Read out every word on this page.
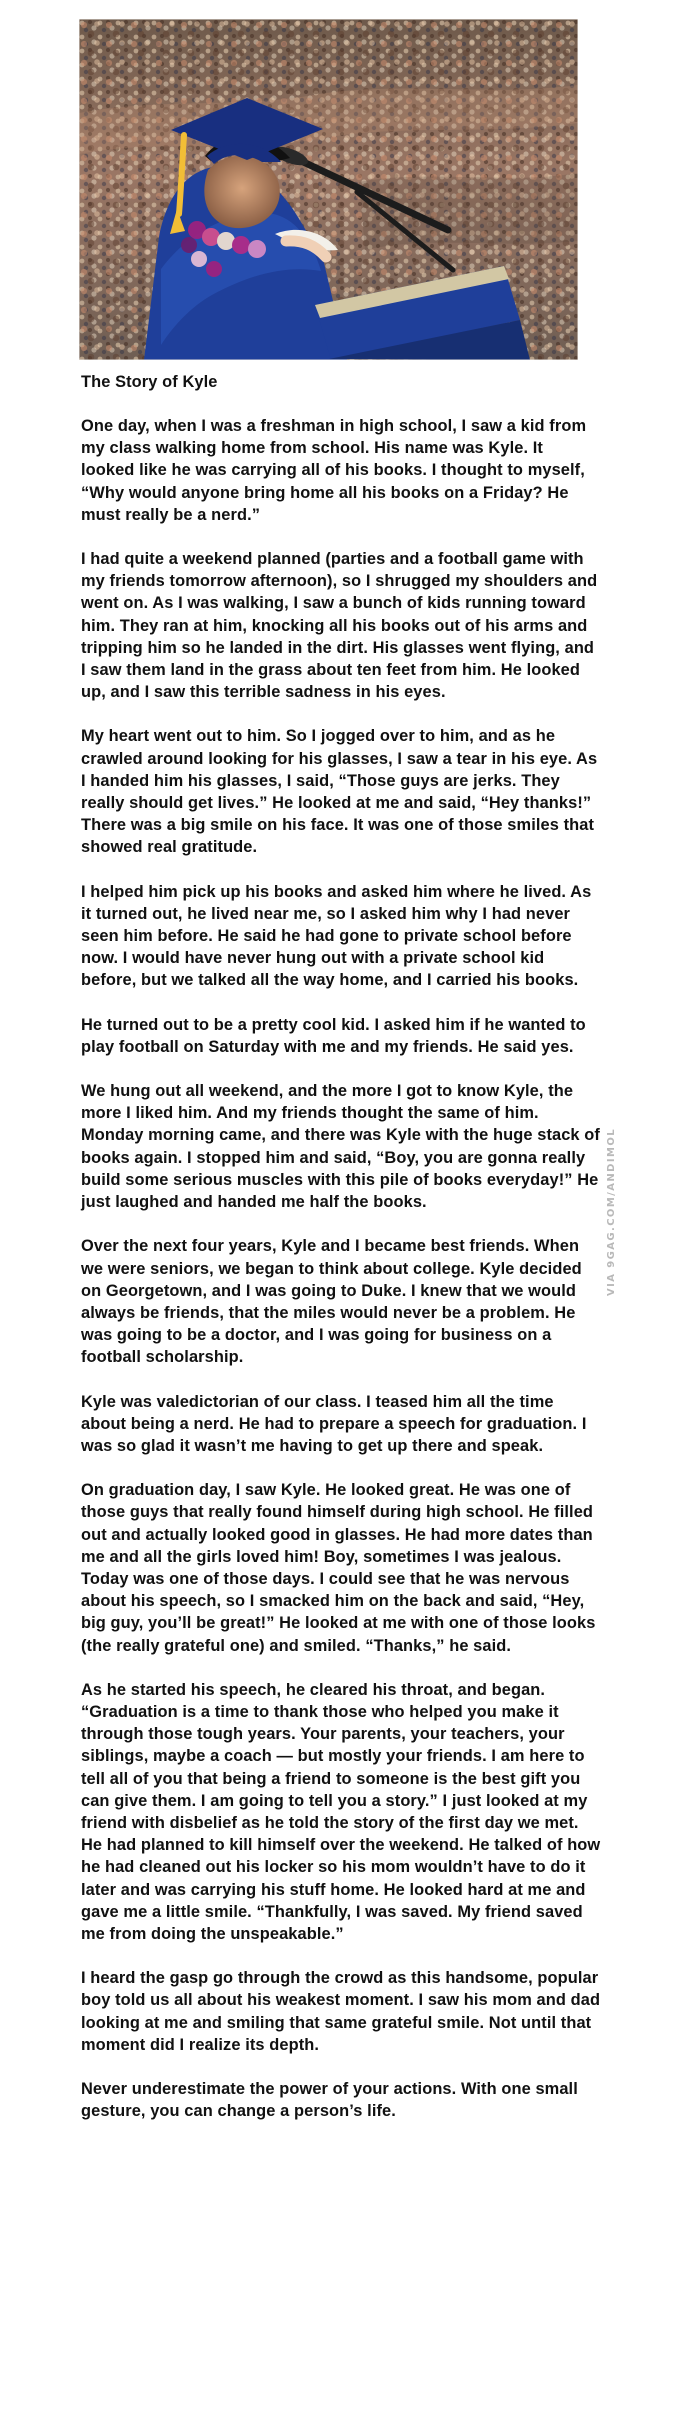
The Story of Kyle

One day, when I was a freshman in high school, I saw a kid from my class walking home from school. His name was Kyle. It looked like he was carrying all of his books. I thought to myself, “Why would anyone bring home all his books on a Friday? He must really be a nerd.”

I had quite a weekend planned (parties and a football game with my friends tomorrow afternoon), so I shrugged my shoulders and went on. As I was walking, I saw a bunch of kids running toward him. They ran at him, knocking all his books out of his arms and tripping him so he landed in the dirt. His glasses went flying, and I saw them land in the grass about ten feet from him. He looked up, and I saw this terrible sadness in his eyes.

My heart went out to him. So I jogged over to him, and as he crawled around looking for his glasses, I saw a tear in his eye. As I handed him his glasses, I said, “Those guys are jerks. They really should get lives.” He looked at me and said, “Hey thanks!” There was a big smile on his face. It was one of those smiles that showed real gratitude.

I helped him pick up his books and asked him where he lived. As it turned out, he lived near me, so I asked him why I had never seen him before. He said he had gone to private school before now. I would have never hung out with a private school kid before, but we talked all the way home, and I carried his books.

He turned out to be a pretty cool kid. I asked him if he wanted to play football on Saturday with me and my friends. He said yes.

We hung out all weekend, and the more I got to know Kyle, the more I liked him. And my friends thought the same of him. Monday morning came, and there was Kyle with the huge stack of books again. I stopped him and said, “Boy, you are gonna really build some serious muscles with this pile of books everyday!” He just laughed and handed me half the books.

Over the next four years, Kyle and I became best friends. When we were seniors, we began to think about college. Kyle decided on Georgetown, and I was going to Duke. I knew that we would always be friends, that the miles would never be a problem. He was going to be a doctor, and I was going for business on a football scholarship.

Kyle was valedictorian of our class. I teased him all the time about being a nerd. He had to prepare a speech for graduation. I was so glad it wasn’t me having to get up there and speak.

On graduation day, I saw Kyle. He looked great. He was one of those guys that really found himself during high school. He filled out and actually looked good in glasses. He had more dates than me and all the girls loved him! Boy, sometimes I was jealous. Today was one of those days. I could see that he was nervous about his speech, so I smacked him on the back and said, “Hey, big guy, you’ll be great!” He looked at me with one of those looks (the really grateful one) and smiled. “Thanks,” he said.

As he started his speech, he cleared his throat, and began. “Graduation is a time to thank those who helped you make it through those tough years. Your parents, your teachers, your siblings, maybe a coach — but mostly your friends. I am here to tell all of you that being a friend to someone is the best gift you can give them. I am going to tell you a story.” I just looked at my friend with disbelief as he told the story of the first day we met. He had planned to kill himself over the weekend. He talked of how he had cleaned out his locker so his mom wouldn’t have to do it later and was carrying his stuff home. He looked hard at me and gave me a little smile. “Thankfully, I was saved. My friend saved me from doing the unspeakable.”

I heard the gasp go through the crowd as this handsome, popular boy told us all about his weakest moment. I saw his mom and dad looking at me and smiling that same grateful smile. Not until that moment did I realize its depth.

Never underestimate the power of your actions. With one small gesture, you can change a person’s life.

VIA 9GAG.COM/ANDIMOL
